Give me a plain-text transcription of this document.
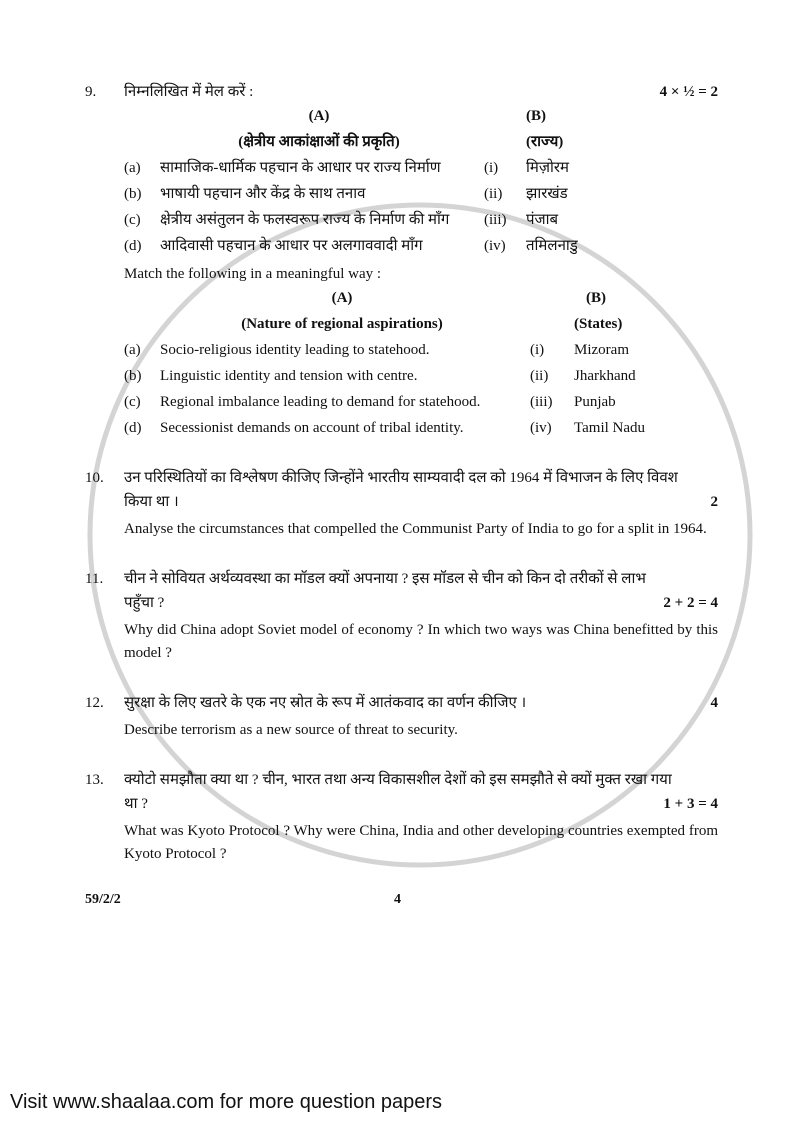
9.	निम्नलिखित में मेल करें :	4 × ½ = 2
(A)	(B)
(क्षेत्रीय आकांक्षाओं की प्रकृति)	(राज्य)
(a)	सामाजिक-धार्मिक पहचान के आधार पर राज्य निर्माण	(i)	मिज़ोरम
(b)	भाषायी पहचान और केंद्र के साथ तनाव	(ii)	झारखंड
(c)	क्षेत्रीय असंतुलन के फलस्वरूप राज्य के निर्माण की माँग	(iii)	पंजाब
(d)	आदिवासी पहचान के आधार पर अलगाववादी माँग	(iv)	तमिलनाडु
Match the following in a meaningful way :
(A)	(B)
(Nature of regional aspirations)	(States)
(a)	Socio-religious identity leading to statehood.	(i)	Mizoram
(b)	Linguistic identity and tension with centre.	(ii)	Jharkhand
(c)	Regional imbalance leading to demand for statehood.	(iii)	Punjab
(d)	Secessionist demands on account of tribal identity.	(iv)	Tamil Nadu
10.	उन परिस्थितियों का विश्लेषण कीजिए जिन्होंने भारतीय साम्यवादी दल को 1964 में विभाजन के लिए विवश
किया था ।	2
Analyse the circumstances that compelled the Communist Party of India to go for a split in 1964.
11.	चीन ने सोवियत अर्थव्यवस्था का मॉडल क्यों अपनाया ? इस मॉडल से चीन को किन दो तरीकों से लाभ
पहुँचा ?	2 + 2 = 4
Why did China adopt Soviet model of economy ? In which two ways was China benefitted by this model ?
12.	सुरक्षा के लिए खतरे के एक नए स्रोत के रूप में आतंकवाद का वर्णन कीजिए ।	4
Describe terrorism as a new source of threat to security.
13.	क्योटो समझौता क्या था ? चीन, भारत तथा अन्य विकासशील देशों को इस समझौते से क्यों मुक्त रखा गया
था ?	1 + 3 = 4
What was Kyoto Protocol ? Why were China, India and other developing countries exempted from Kyoto Protocol ?
59/2/2	4
Visit www.shaalaa.com for more question papers
